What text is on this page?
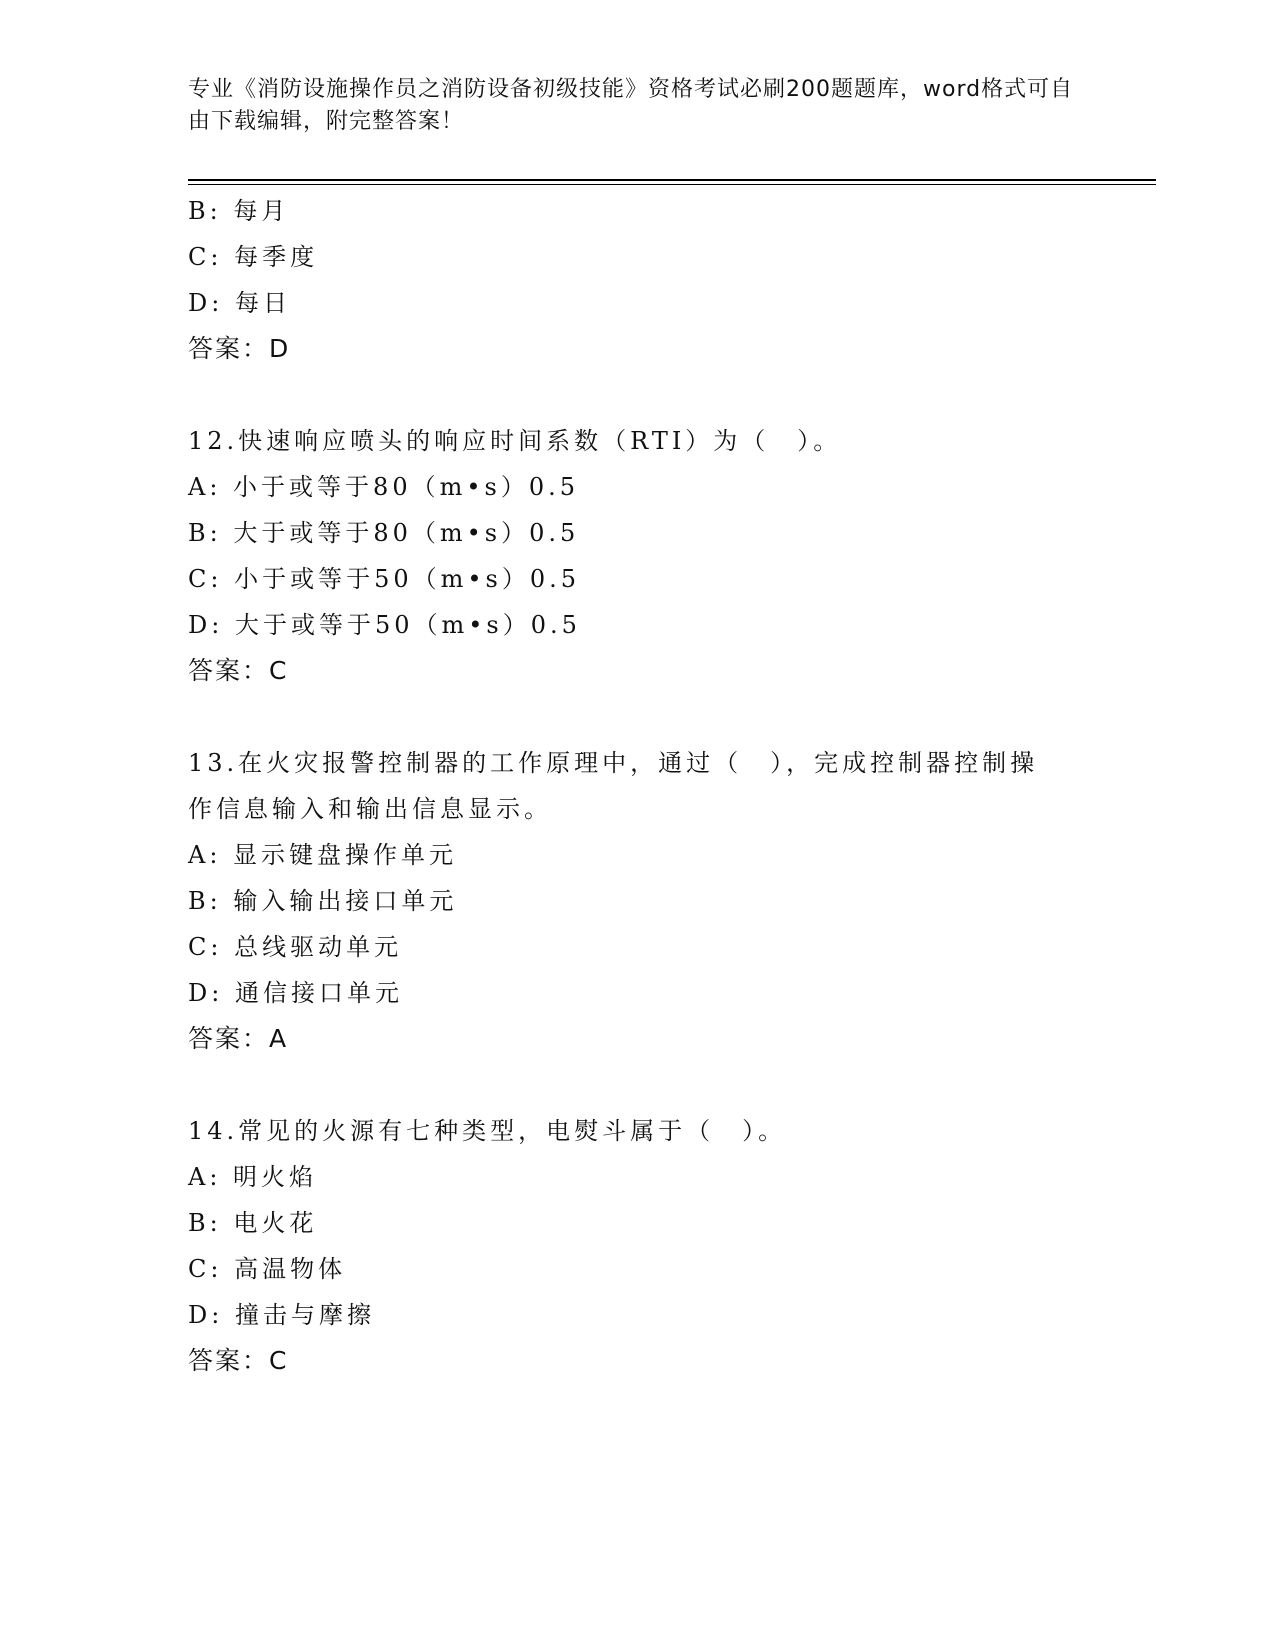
专业《消防设施操作员之消防设备初级技能》资格考试必刷200题题库，word格式可自由下载编辑，附完整答案！
B: 每月
C: 每季度
D: 每日
答案：D
12.快速响应喷头的响应时间系数（RTI）为（　）。
A: 小于或等于80（m•s）0.5
B: 大于或等于80（m•s）0.5
C: 小于或等于50（m•s）0.5
D: 大于或等于50（m•s）0.5
答案：C
13.在火灾报警控制器的工作原理中，通过（　），完成控制器控制操
作信息输入和输出信息显示。
A: 显示键盘操作单元
B: 输入输出接口单元
C: 总线驱动单元
D: 通信接口单元
答案：A
14.常见的火源有七种类型，电熨斗属于（　）。
A: 明火焰
B: 电火花
C: 高温物体
D: 撞击与摩擦
答案：C
